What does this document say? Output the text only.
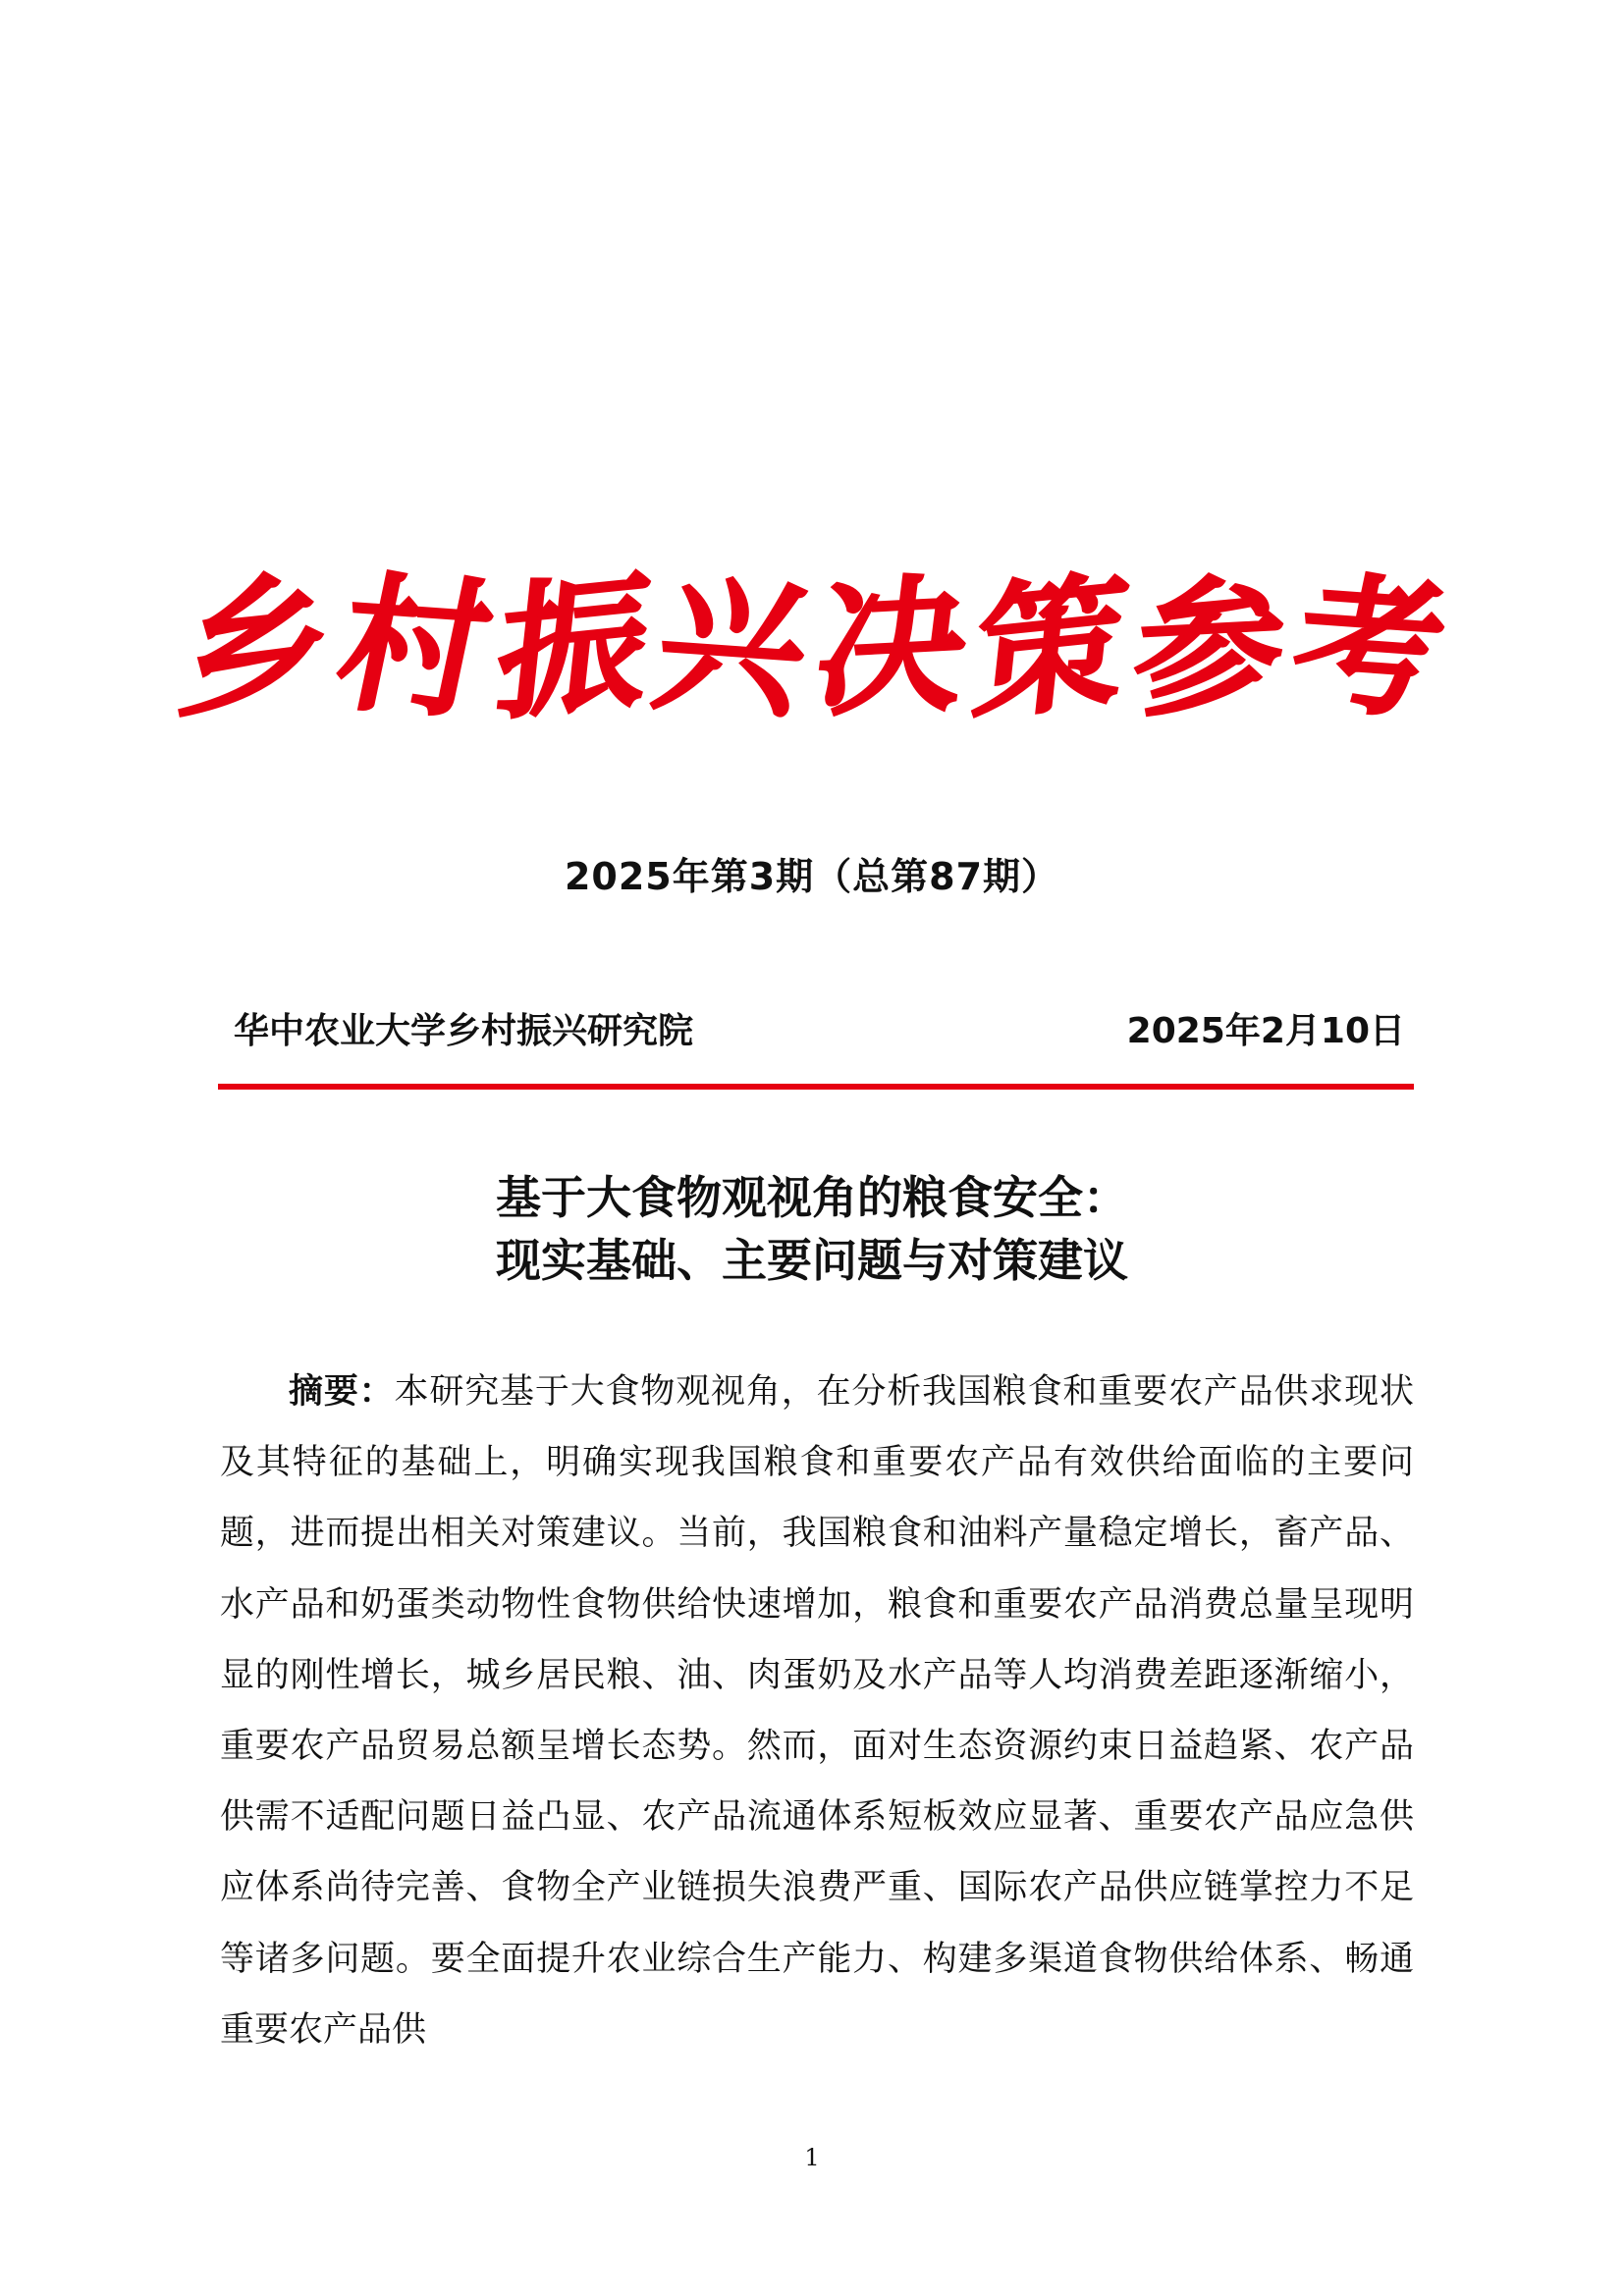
乡
村
振
兴
决
策
参
考
2025年第3期（总第87期）
华中农业大学乡村振兴研究院	2025年2月10日
基于大食物观视角的粮食安全：
现实基础、主要问题与对策建议
摘要：本研究基于大食物观视角，在分析我国粮食和重要农产品供求现状及其特征的基础上，明确实现我国粮食和重要农产品有效供给面临的主要问题，进而提出相关对策建议。当前，我国粮食和油料产量稳定增长，畜产品、水产品和奶蛋类动物性食物供给快速增加，粮食和重要农产品消费总量呈现明显的刚性增长，城乡居民粮、油、肉蛋奶及水产品等人均消费差距逐渐缩小，重要农产品贸易总额呈增长态势。然而，面对生态资源约束日益趋紧、农产品供需不适配问题日益凸显、农产品流通体系短板效应显著、重要农产品应急供应体系尚待完善、食物全产业链损失浪费严重、国际农产品供应链掌控力不足等诸多问题。要全面提升农业综合生产能力、构建多渠道食物供给体系、畅通重要农产品供
1
